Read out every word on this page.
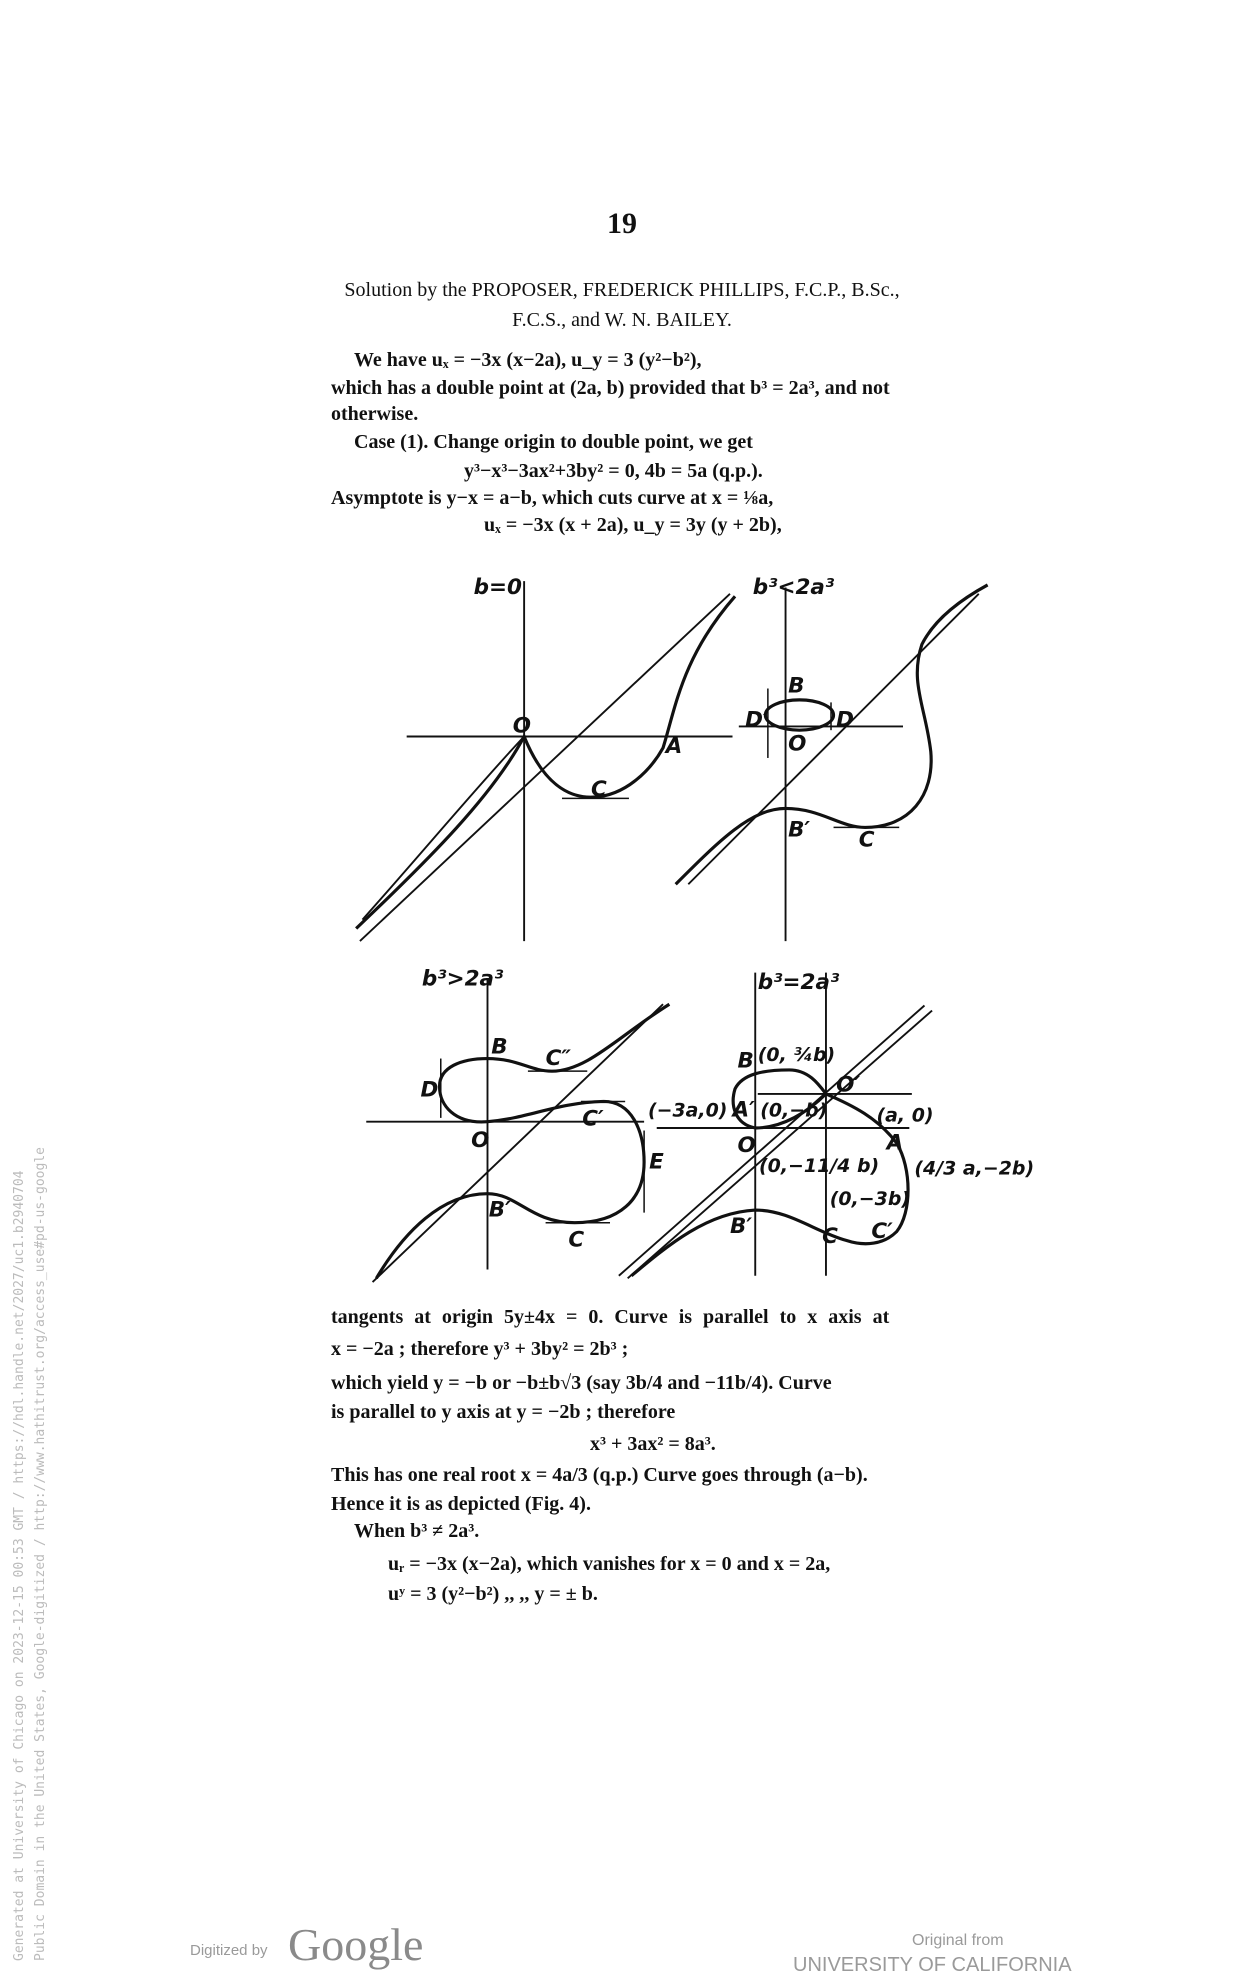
19
Solution by the PROPOSER, FREDERICK PHILLIPS, F.C.P., B.Sc.,
F.C.S., and W. N. BAILEY.
We have uₓ = −3x (x−2a), u_y = 3 (y²−b²),
which has a double point at (2a, b) provided that b³ = 2a³, and not
otherwise.
Case (1). Change origin to double point, we get
y³−x³−3ax²+3by² = 0, 4b = 5a (q.p.).
Asymptote is y−x = a−b, which cuts curve at x = ⅛a,
uₓ = −3x (x + 2a), u_y = 3y (y + 2b),
b=0
O
A
C
b³<2a³
B
D′	D
O
B′	C
b³>2a³
B C″
D
C′
O
E
B′
C
b³=2a³
B (0, ¾b)
O′
(−3a,0) A′ (0,−b)	(a, 0)
O	A
(4/3 a,−2b)
(0,−11/4 b)
(0,−3b)
B′	C C′
tangents at origin 5y±4x = 0. Curve is parallel to x axis at
x = −2a ; therefore y³ + 3by² = 2b³ ;
which yield y = −b or −b±b√3 (say 3b/4 and −11b/4). Curve
is parallel to y axis at y = −2b ; therefore
x³ + 3ax² = 8a³.
This has one real root x = 4a/3 (q.p.) Curve goes through (a−b).
Hence it is as depicted (Fig. 4).
When b³ ≠ 2a³.
uᵣ = −3x (x−2a), which vanishes for x = 0 and x = 2a,
uʸ = 3 (y²−b²) ,, ,, y = ± b.
Generated at University of Chicago on 2023-12-15 00:53 GMT / https://hdl.handle.net/2027/uc1.b2940704 Public Domain in the United States, Google-digitized / http://www.hathitrust.org/access_use#pd-us-google	Digitized by Google	Original from
UNIVERSITY OF CALIFORNIA
